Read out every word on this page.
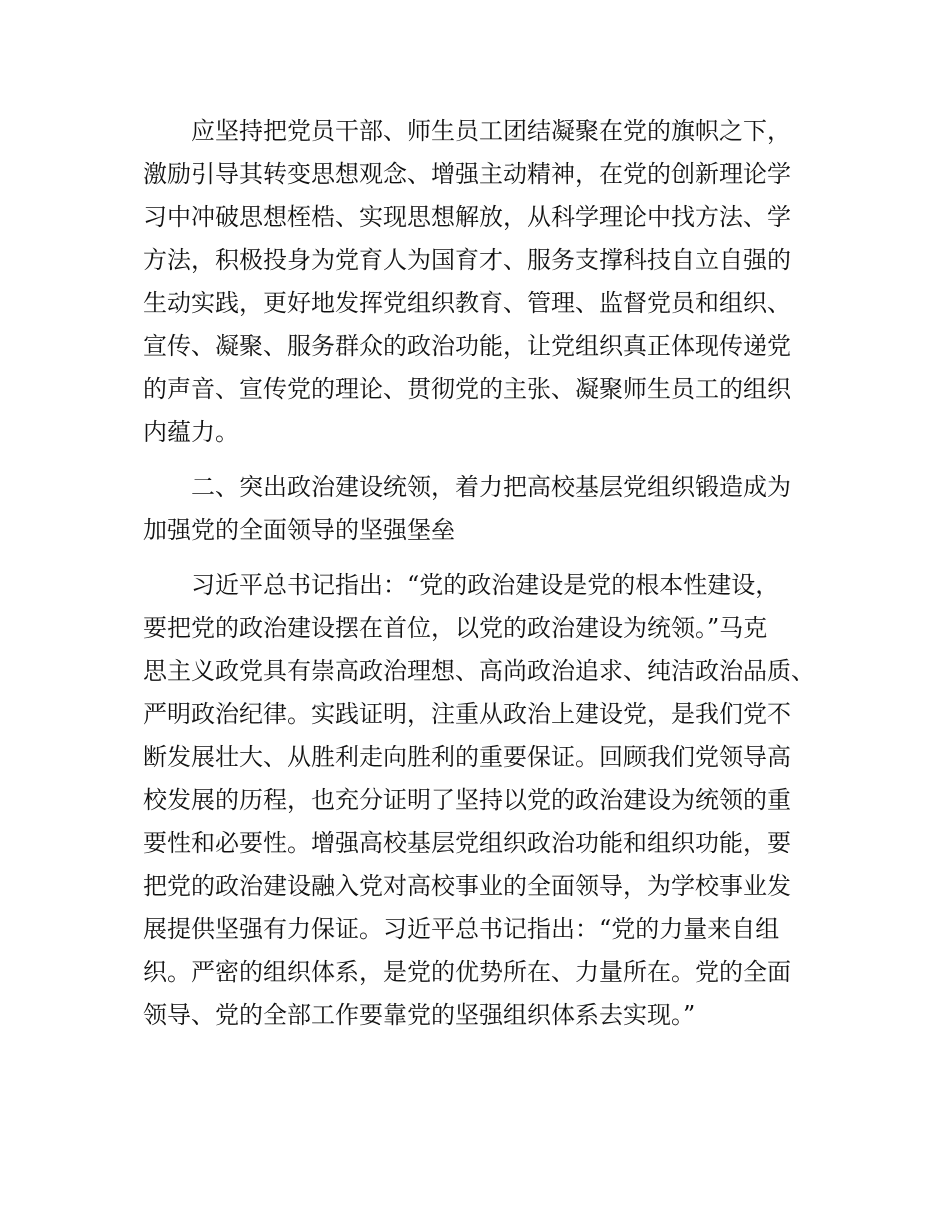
应坚持把党员干部、师生员工团结凝聚在党的旗帜之下，
激励引导其转变思想观念、增强主动精神，在党的创新理论学
习中冲破思想桎梏、实现思想解放，从科学理论中找方法、学
方法，积极投身为党育人为国育才、服务支撑科技自立自强的
生动实践，更好地发挥党组织教育、管理、监督党员和组织、
宣传、凝聚、服务群众的政治功能，让党组织真正体现传递党
的声音、宣传党的理论、贯彻党的主张、凝聚师生员工的组织
内蕴力。
二、突出政治建设统领，着力把高校基层党组织锻造成为
加强党的全面领导的坚强堡垒
习近平总书记指出：“党的政治建设是党的根本性建设，
要把党的政治建设摆在首位，以党的政治建设为统领。”马克
思主义政党具有崇高政治理想、高尚政治追求、纯洁政治品质、
严明政治纪律。实践证明，注重从政治上建设党，是我们党不
断发展壮大、从胜利走向胜利的重要保证。回顾我们党领导高
校发展的历程，也充分证明了坚持以党的政治建设为统领的重
要性和必要性。增强高校基层党组织政治功能和组织功能，要
把党的政治建设融入党对高校事业的全面领导，为学校事业发
展提供坚强有力保证。习近平总书记指出：“党的力量来自组
织。严密的组织体系，是党的优势所在、力量所在。党的全面
领导、党的全部工作要靠党的坚强组织体系去实现。”
